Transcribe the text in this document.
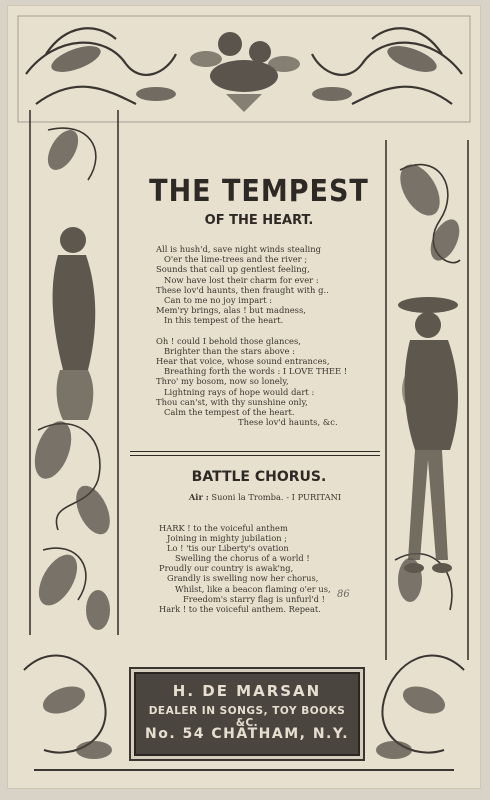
THE TEMPEST
OF THE HEART.
All is hush'd, save night winds stealing
O'er the lime-trees and the river ;
Sounds that call up gentlest feeling,
Now have lost their charm for ever :
These lov'd haunts, then fraught with g..
Can to me no joy impart :
Mem'ry brings, alas ! but madness,
In this tempest of the heart.
Oh ! could I behold those glances,
Brighter than the stars above :
Hear that voice, whose sound entrances,
Breathing forth the words : I LOVE THEE !
Thro' my bosom, now so lonely,
Lightning rays of hope would dart :
Thou can'st, with thy sunshine only,
Calm the tempest of the heart.
These lov'd haunts, &c.
BATTLE CHORUS.
Air : Suoni la Tromba. - I PURITANI
HARK ! to the voiceful anthem
Joining in mighty jubilation ;
Lo ! 'tis our Liberty's ovation
Swelling the chorus of a world !
Proudly our country is awak'ng,
Grandly is swelling now her chorus,
Whilst, like a beacon flaming o'er us,
Freedom's starry flag is unfurl'd !
Hark ! to the voiceful anthem. Repeat.
86
H. DE MARSAN
DEALER IN SONGS, TOY BOOKS &C.
No. 54 CHATHAM, N.Y.
